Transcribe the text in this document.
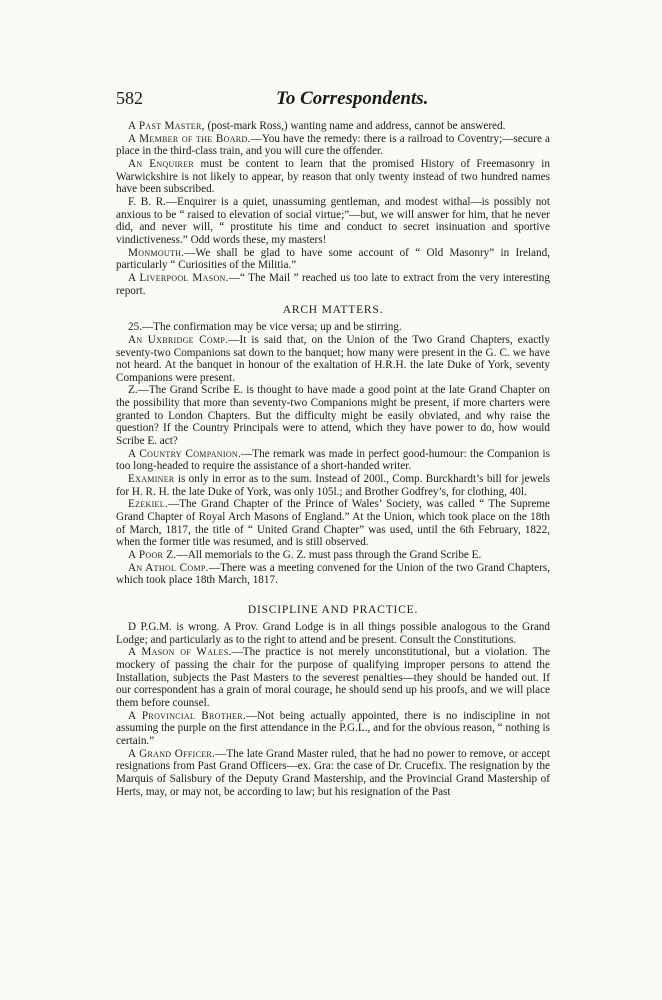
582	To Correspondents.

A Past Master, (post-mark Ross,) wanting name and address, cannot be answered.

A Member of the Board.—You have the remedy: there is a railroad to Coventry;—secure a place in the third-class train, and you will cure the offender.

An Enquirer must be content to learn that the promised History of Freemasonry in Warwickshire is not likely to appear, by reason that only twenty instead of two hundred names have been subscribed.

F. B. R.—Enquirer is a quiet, unassuming gentleman, and modest withal—is possibly not anxious to be “ raised to elevation of social virtue;”—but, we will answer for him, that he never did, and never will, “ prostitute his time and conduct to secret insinuation and sportive vindictiveness.” Odd words these, my masters!

Monmouth.—We shall be glad to have some account of “ Old Masonry” in Ireland, particularly “ Curiosities of the Militia.”

A Liverpool Mason.—“ The Mail ” reached us too late to extract from the very interesting report.

ARCH MATTERS.

25.—The confirmation may be vice versa; up and be stirring.

An Uxbridge Comp.—It is said that, on the Union of the Two Grand Chapters, exactly seventy-two Companions sat down to the banquet; how many were present in the G. C. we have not heard. At the banquet in honour of the exaltation of H.R.H. the late Duke of York, seventy Companions were present.

Z.—The Grand Scribe E. is thought to have made a good point at the late Grand Chapter on the possibility that more than seventy-two Companions might be present, if more charters were granted to London Chapters. But the difficulty might be easily obviated, and why raise the question? If the Country Principals were to attend, which they have power to do, how would Scribe E. act?

A Country Companion.—The remark was made in perfect good-humour: the Companion is too long-headed to require the assistance of a short-handed writer.

Examiner is only in error as to the sum. Instead of 200l., Comp. Burckhardt’s bill for jewels for H. R. H. the late Duke of York, was only 105l.; and Brother Godfrey’s, for clothing, 40l.

Ezekiel.—The Grand Chapter of the Prince of Wales’ Society, was called “ The Supreme Grand Chapter of Royal Arch Masons of England.” At the Union, which took place on the 18th of March, 1817, the title of “ United Grand Chapter” was used, until the 6th February, 1822, when the former title was resumed, and is still observed.

A Poor Z.—All memorials to the G. Z. must pass through the Grand Scribe E.

An Athol Comp.—There was a meeting convened for the Union of the two Grand Chapters, which took place 18th March, 1817.

DISCIPLINE AND PRACTICE.

D P.G.M. is wrong. A Prov. Grand Lodge is in all things possible analogous to the Grand Lodge; and particularly as to the right to attend and be present. Consult the Constitutions.

A Mason of Wales.—The practice is not merely unconstitutional, but a violation. The mockery of passing the chair for the purpose of qualifying improper persons to attend the Installation, subjects the Past Masters to the severest penalties—they should be handed out. If our correspondent has a grain of moral courage, he should send up his proofs, and we will place them before counsel.

A Provincial Brother.—Not being actually appointed, there is no indiscipline in not assuming the purple on the first attendance in the P.G.L., and for the obvious reason, “ nothing is certain.”

A Grand Officer.—The late Grand Master ruled, that he had no power to remove, or accept resignations from Past Grand Officers—ex. Gra: the case of Dr. Crucefix. The resignation by the Marquis of Salisbury of the Deputy Grand Mastership, and the Provincial Grand Mastership of Herts, may, or may not, be according to law; but his resignation of the Past
